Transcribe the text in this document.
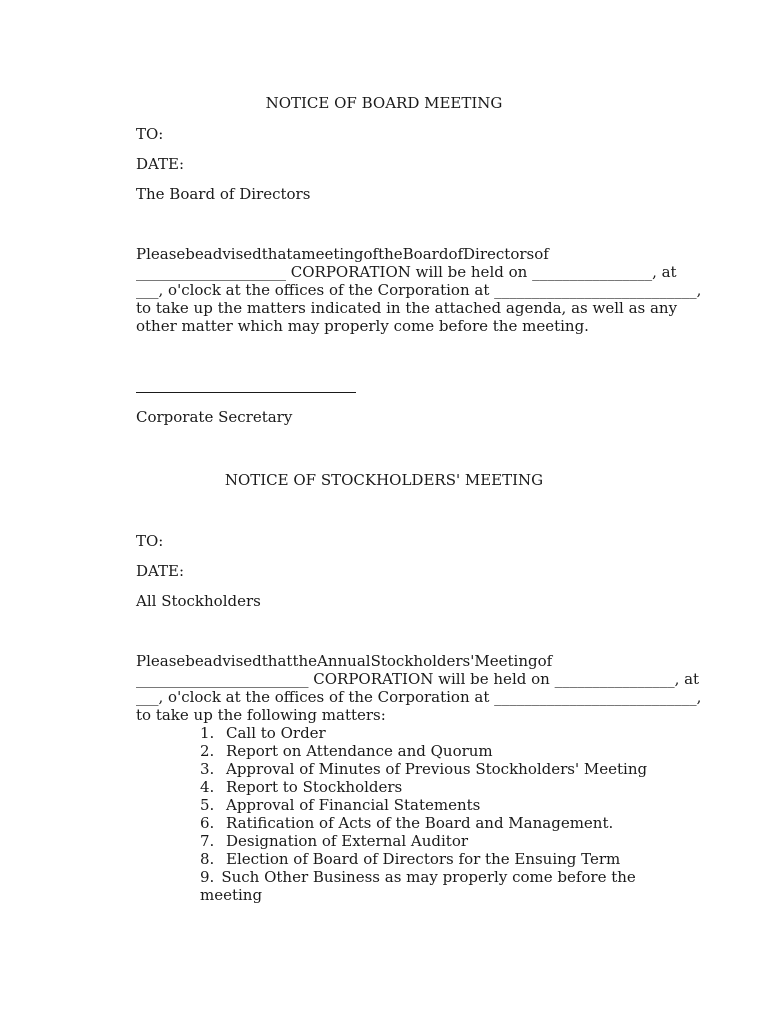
NOTICE OF BOARD MEETING
TO:
DATE:
The Board of Directors
PleasebeadvisedthatameetingoftheBoardofDirectorsof
____________________ CORPORATION will be held on ________________, at
___, o'clock at the offices of the Corporation at ___________________________,
to take up the matters indicated in the attached agenda, as well as any
other matter which may properly come before the meeting.
Corporate Secretary
NOTICE OF STOCKHOLDERS' MEETING
TO:
DATE:
All Stockholders
PleasebeadvisedthattheAnnualStockholders'Meetingof
_______________________ CORPORATION will be held on ________________, at
___, o'clock at the offices of the Corporation at ___________________________,
to take up the following matters:
1. Call to Order
2. Report on Attendance and Quorum
3. Approval of Minutes of Previous Stockholders' Meeting
4. Report to Stockholders
5. Approval of Financial Statements
6. Ratification of Acts of the Board and Management.
7. Designation of External Auditor
8. Election of Board of Directors for the Ensuing Term
9. Such Other Business as may properly come before the meeting
